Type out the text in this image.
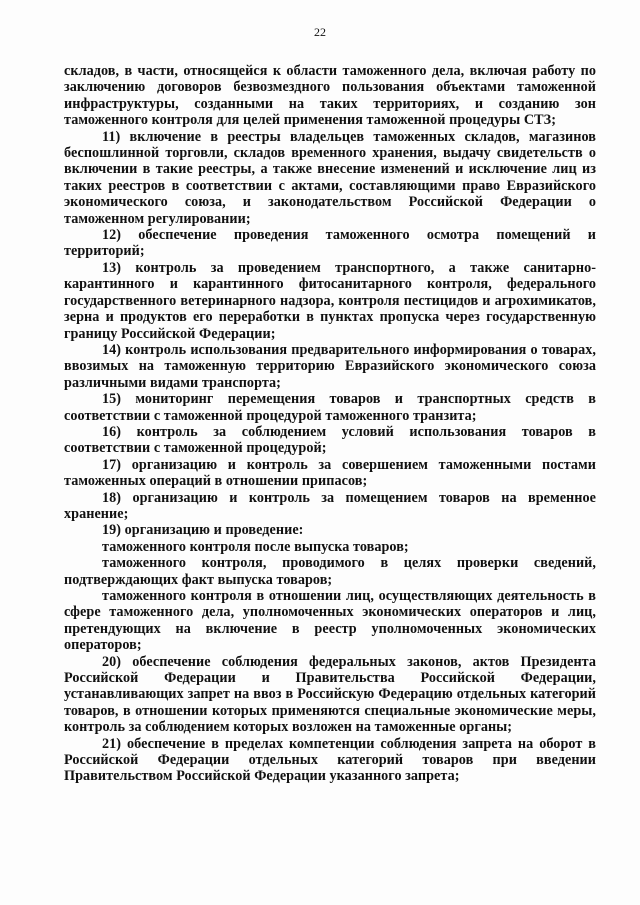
22

складов, в части, относящейся к области таможенного дела, включая работу по заключению договоров безвозмездного пользования объектами таможенной инфраструктуры, созданными на таких территориях, и созданию зон таможенного контроля для целей применения таможенной процедуры СТЗ;

11) включение в реестры владельцев таможенных складов, магазинов беспошлинной торговли, складов временного хранения, выдачу свидетельств о включении в такие реестры, а также внесение изменений и исключение лиц из таких реестров в соответствии с актами, составляющими право Евразийского экономического союза, и законодательством Российской Федерации о таможенном регулировании;

12) обеспечение проведения таможенного осмотра помещений и территорий;

13) контроль за проведением транспортного, а также санитарно-карантинного и карантинного фитосанитарного контроля, федерального государственного ветеринарного надзора, контроля пестицидов и агрохимикатов, зерна и продуктов его переработки в пунктах пропуска через государственную границу Российской Федерации;

14) контроль использования предварительного информирования о товарах, ввозимых на таможенную территорию Евразийского экономического союза различными видами транспорта;

15) мониторинг перемещения товаров и транспортных средств в соответствии с таможенной процедурой таможенного транзита;

16) контроль за соблюдением условий использования товаров в соответствии с таможенной процедурой;

17) организацию и контроль за совершением таможенными постами таможенных операций в отношении припасов;

18) организацию и контроль за помещением товаров на временное хранение;

19) организацию и проведение:

таможенного контроля после выпуска товаров;

таможенного контроля, проводимого в целях проверки сведений, подтверждающих факт выпуска товаров;

таможенного контроля в отношении лиц, осуществляющих деятельность в сфере таможенного дела, уполномоченных экономических операторов и лиц, претендующих на включение в реестр уполномоченных экономических операторов;

20) обеспечение соблюдения федеральных законов, актов Президента Российской Федерации и Правительства Российской Федерации, устанавливающих запрет на ввоз в Российскую Федерацию отдельных категорий товаров, в отношении которых применяются специальные экономические меры, контроль за соблюдением которых возложен на таможенные органы;

21) обеспечение в пределах компетенции соблюдения запрета на оборот в Российской Федерации отдельных категорий товаров при введении Правительством Российской Федерации указанного запрета;
